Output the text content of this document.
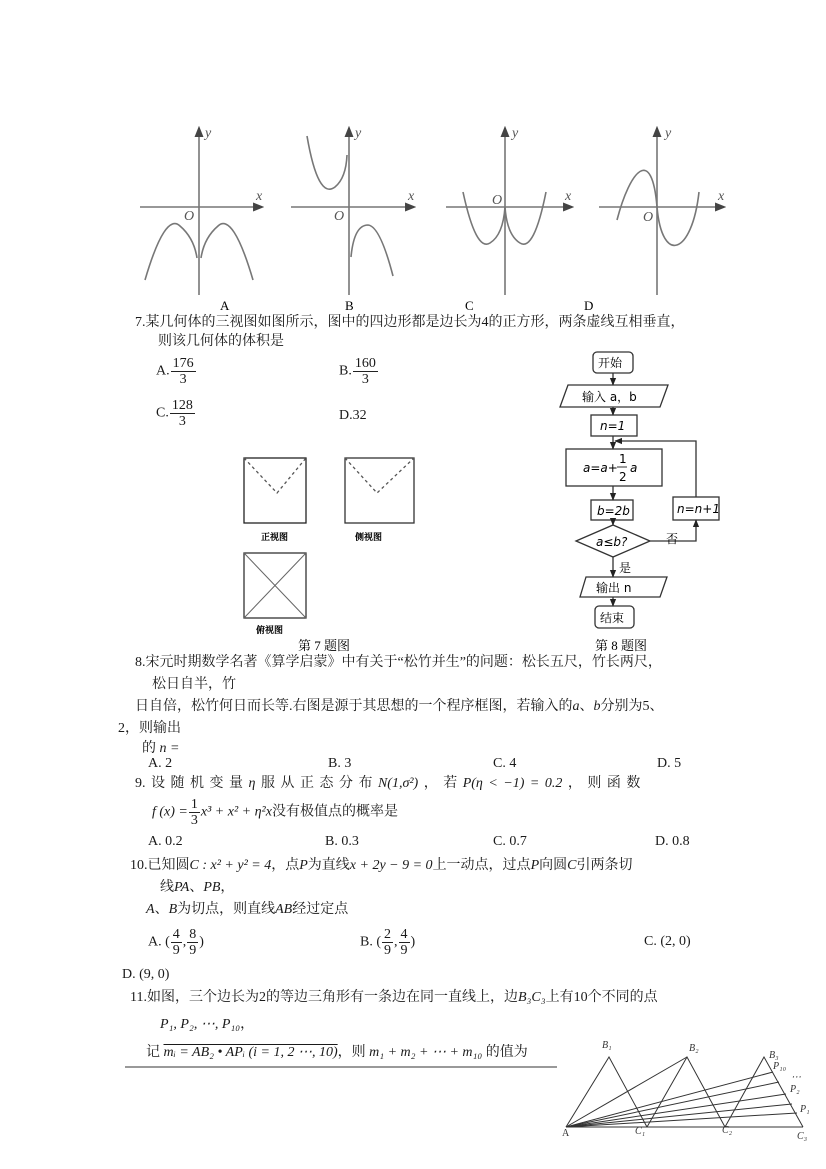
y
x
O
y
x
O
y
x
O
y
x
O
A	B	C	D
正视图	侧视图
俯视图
第 7 题图
开始
输入 a，b
n=1
a=a+
1
2
a
b=2b
a≤b?	否
是
n=n+1
输出 n
结束
第 8 题图
B₁	B₂
B₃
P₁₀
⋯
P₂
P₁
A	C₁	C₂
C₃
7.某几何体的三视图如图所示，图中的四边形都是边长为4的正方形，两条虚线互相垂直，
则该几何体的体积是
A. $\frac{176}{3}$	B. $\frac{160}{3}$
C. $\frac{128}{3}$	D.32
8.宋元时期数学名著《算学启蒙》中有关于“松竹并生”的问题：松长五尺，竹长两尺，
松日自半，竹
日自倍，松竹何日而长等.右图是源于其思想的一个程序框图，若输入的a、b分别为5、
2，则输出
的 n =
A. 2	B. 3	C. 4	D. 5
9. 设 随 机 变 量 η 服 从 正 态 分 布 N(1,σ²) ， 若 P(η < −1) = 0.2 ， 则 函 数
f $(x) = \frac{1}{3} x^3 + x^2 + \eta^2x$没有极值点的概率是
A. 0.2	B. 0.3	C. 0.7	D. 0.8
10.已知圆C : x² + y² = 4，点P为直线x + 2y − 9 = 0上一动点，过点P向圆C引两条切
线PA、PB，
A、B为切点，则直线AB经过定点
A. ( $\frac{4}{9}$ , $\frac{8}{9}$ )	B. ( $\frac{2}{9}$ , $\frac{4}{9}$ )	C. (2, 0)
D. (9, 0)
11.如图，三个边长为2的等边三角形有一条边在同一直线上，边B₃C₃上有10个不同的点
P₁, P₂, ⋯, P₁₀，
记 mᵢ = AB₂ • APᵢ (i = 1, 2 ⋯, 10)，则 m₁ + m₂ + ⋯ + m₁₀ 的值为
